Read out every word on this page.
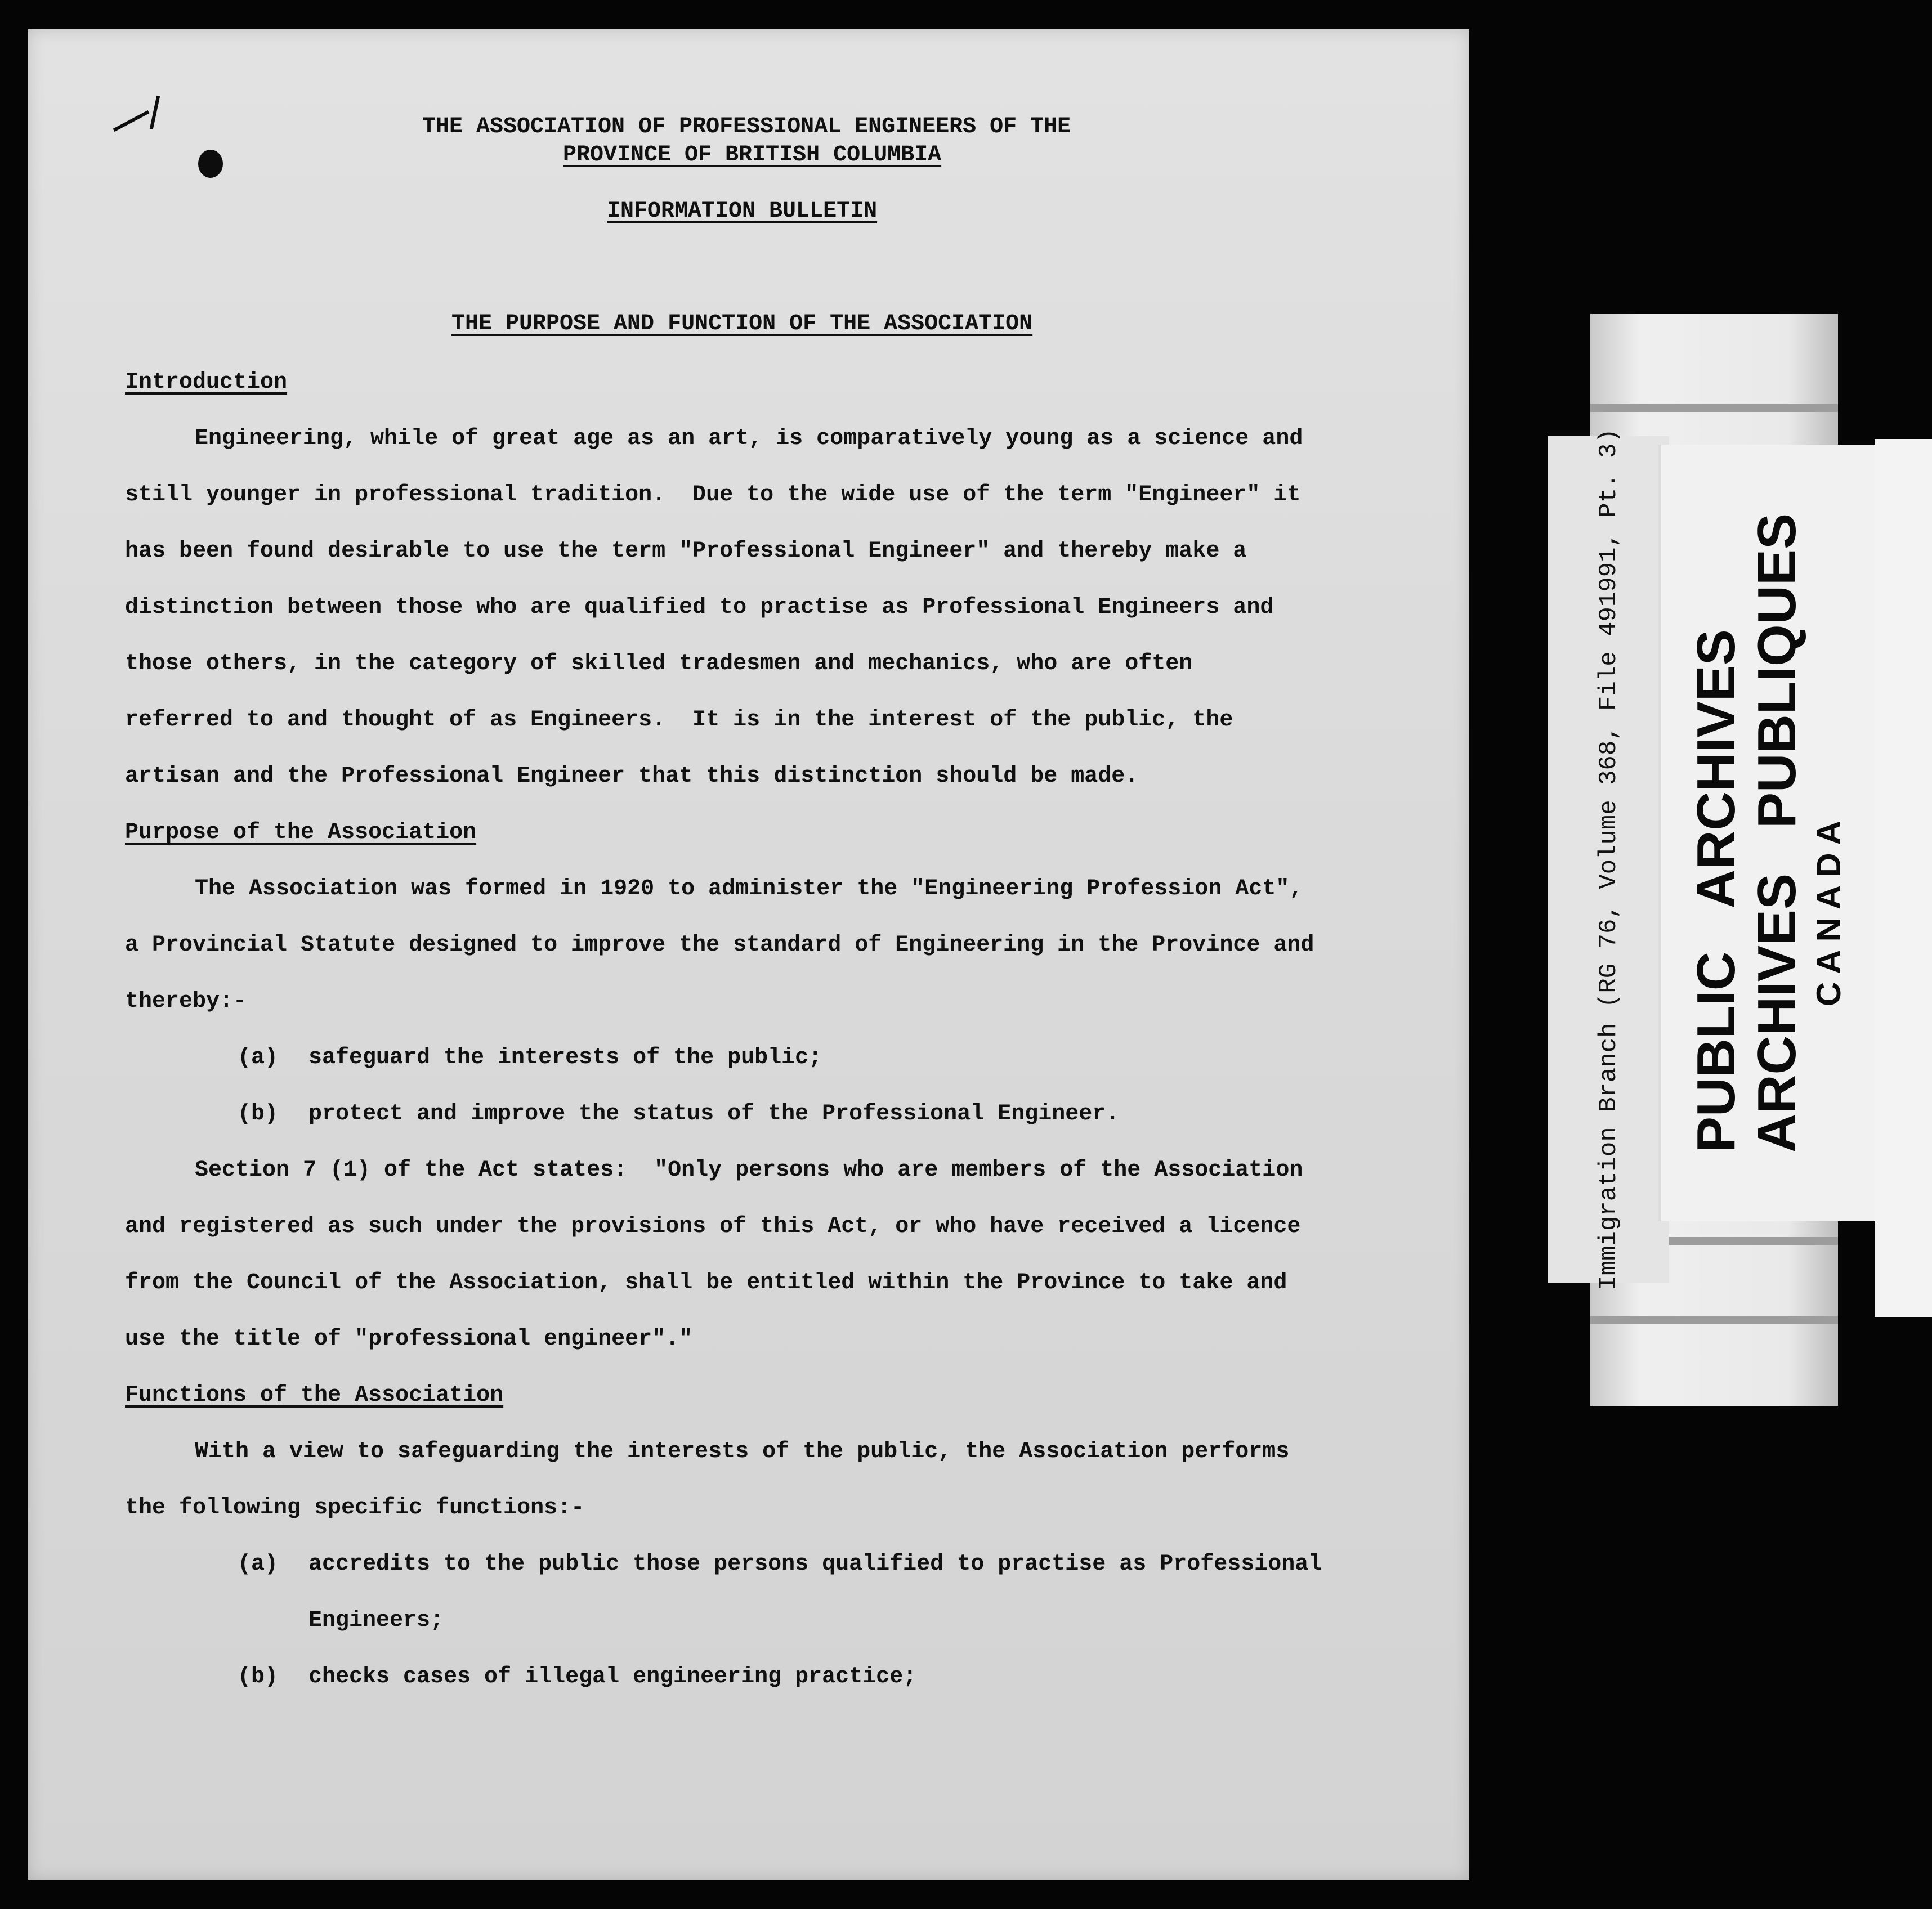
THE ASSOCIATION OF PROFESSIONAL ENGINEERS OF THE
PROVINCE OF BRITISH COLUMBIA
INFORMATION BULLETIN
THE PURPOSE AND FUNCTION OF THE ASSOCIATION
Introduction
Engineering, while of great age as an art, is comparatively young as a science and
still younger in professional tradition.  Due to the wide use of the term "Engineer" it
has been found desirable to use the term "Professional Engineer" and thereby make a
distinction between those who are qualified to practise as Professional Engineers and
those others, in the category of skilled tradesmen and mechanics, who are often
referred to and thought of as Engineers.  It is in the interest of the public, the
artisan and the Professional Engineer that this distinction should be made.
Purpose of the Association
The Association was formed in 1920 to administer the "Engineering Profession Act",
a Provincial Statute designed to improve the standard of Engineering in the Province and
thereby:-
(a) safeguard the interests of the public;
(b) protect and improve the status of the Professional Engineer.
Section 7 (1) of the Act states:  "Only persons who are members of the Association
and registered as such under the provisions of this Act, or who have received a licence
from the Council of the Association, shall be entitled within the Province to take and
use the title of "professional engineer"."
Functions of the Association
With a view to safeguarding the interests of the public, the Association performs
the following specific functions:-
(a) accredits to the public those persons qualified to practise as Professional
Engineers;
(b) checks cases of illegal engineering practice;
Immigration Branch (RG 76, Volume 368, File 491991, Pt. 3) PUBLIC   ARCHIVES ARCHIVES   PUBLIQUES CANADA
